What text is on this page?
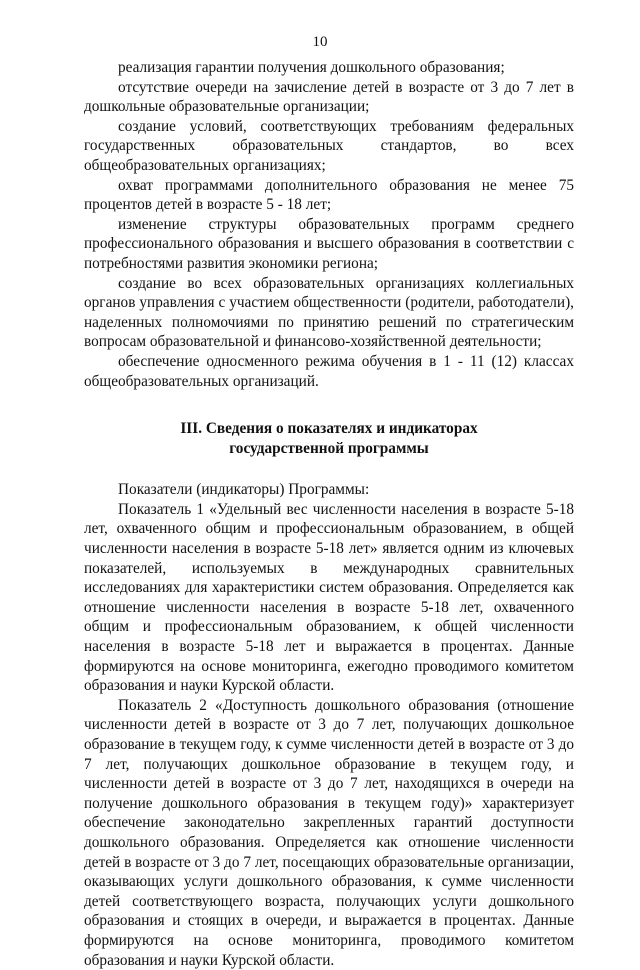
10

реализация гарантии получения дошкольного образования;

отсутствие очереди на зачисление детей в возрасте от 3 до 7 лет в дошкольные образовательные организации;

создание условий, соответствующих требованиям федеральных государственных образовательных стандартов, во всех общеобразовательных организациях;

охват программами дополнительного образования не менее 75 процентов детей в возрасте 5 - 18 лет;

изменение структуры образовательных программ среднего профессионального образования и высшего образования в соответствии с потребностями развития экономики региона;

создание во всех образовательных организациях коллегиальных органов управления с участием общественности (родители, работодатели), наделенных полномочиями по принятию решений по стратегическим вопросам образовательной и финансово-хозяйственной деятельности;

обеспечение односменного режима обучения в 1 - 11 (12) классах общеобразовательных организаций.

III. Сведения о показателях и индикаторах
государственной программы

Показатели (индикаторы) Программы:

Показатель 1 «Удельный вес численности населения в возрасте 5-18 лет, охваченного общим и профессиональным образованием, в общей численности населения в возрасте 5-18 лет» является одним из ключевых показателей, используемых в международных сравнительных исследованиях для характеристики систем образования. Определяется как отношение численности населения в возрасте 5-18 лет, охваченного общим и профессиональным образованием, к общей численности населения в возрасте 5-18 лет и выражается в процентах. Данные формируются на основе мониторинга, ежегодно проводимого комитетом образования и науки Курской области.

Показатель 2 «Доступность дошкольного образования (отношение численности детей в возрасте от 3 до 7 лет, получающих дошкольное образование в текущем году, к сумме численности детей в возрасте от 3 до 7 лет, получающих дошкольное образование в текущем году, и численности детей в возрасте от 3 до 7 лет, находящихся в очереди на получение дошкольного образования в текущем году)» характеризует обеспечение законодательно закрепленных гарантий доступности дошкольного образования. Определяется как отношение численности детей в возрасте от 3 до 7 лет, посещающих образовательные организации, оказывающих услуги дошкольного образования, к сумме численности детей соответствующего возраста, получающих услуги дошкольного образования и стоящих в очереди, и выражается в процентах. Данные формируются на основе мониторинга, проводимого комитетом образования и науки Курской области.
